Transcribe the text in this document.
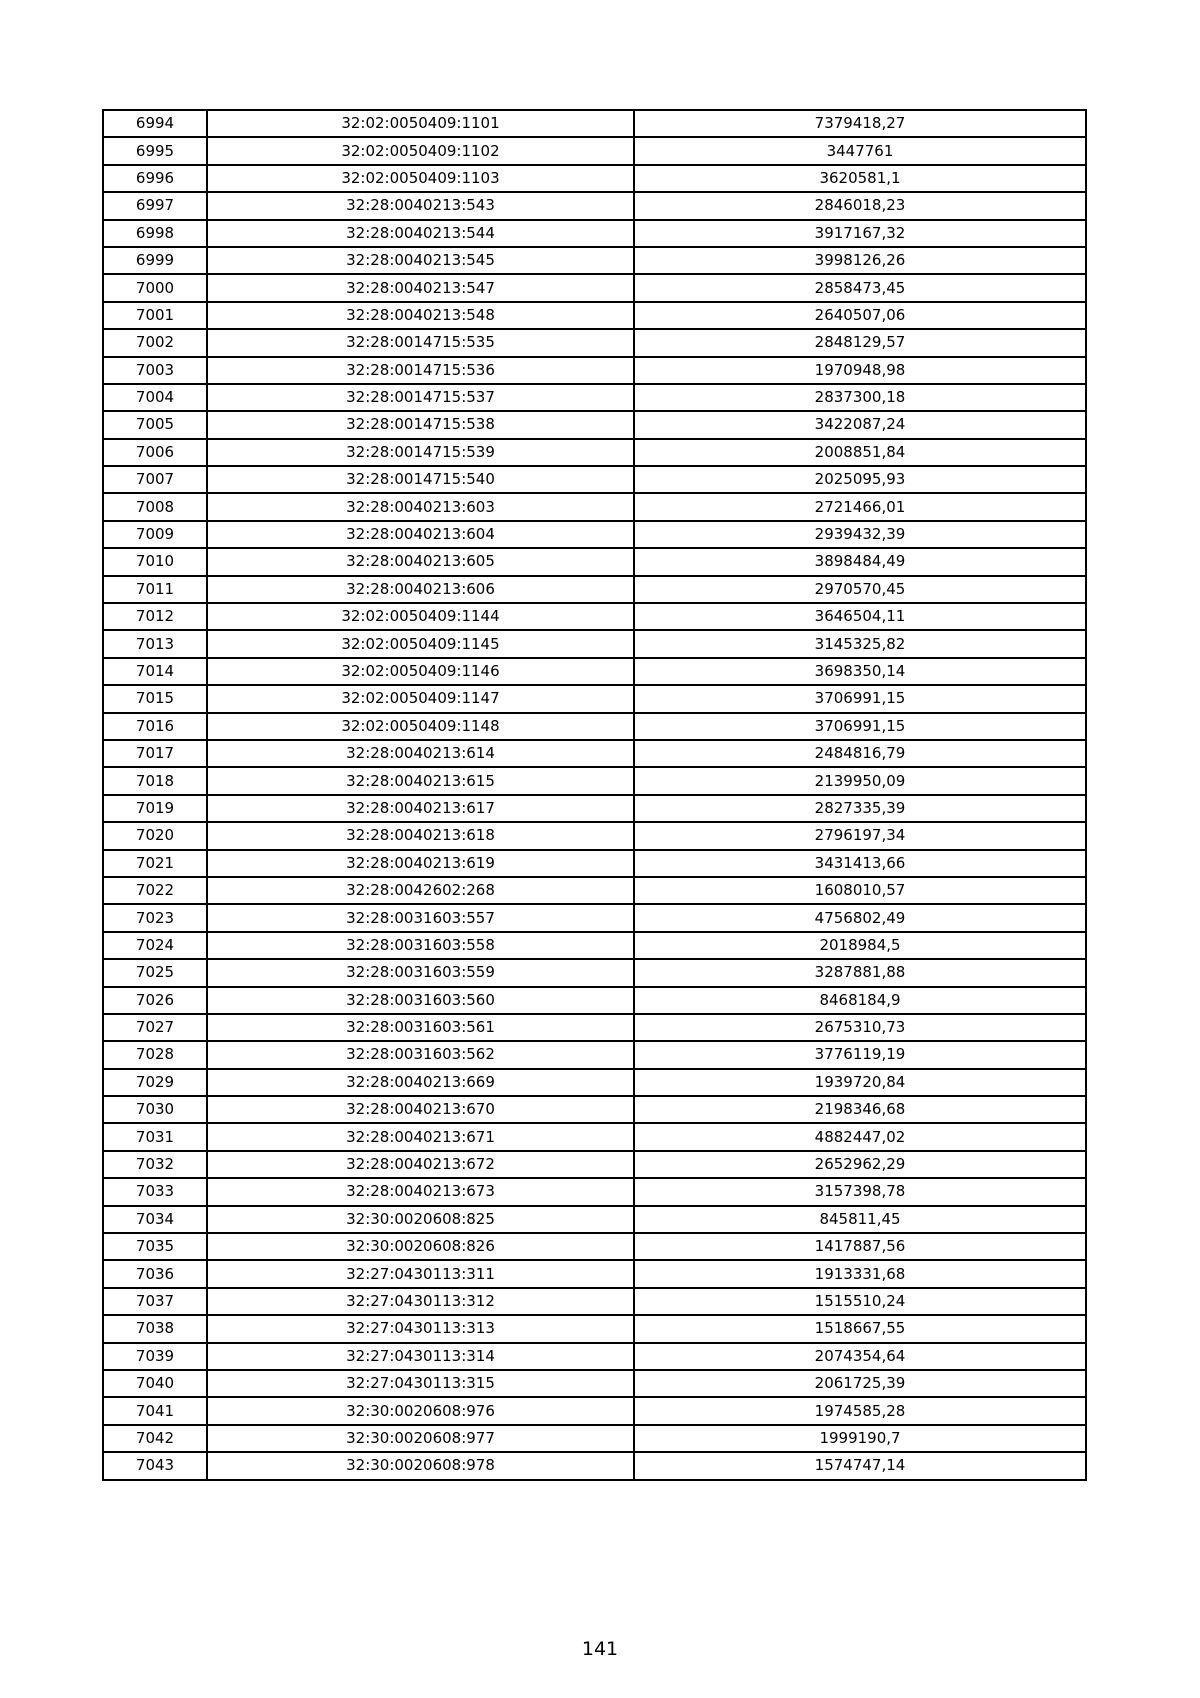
6994	32:02:0050409:1101	7379418,27
6995	32:02:0050409:1102	3447761
6996	32:02:0050409:1103	3620581,1
6997	32:28:0040213:543	2846018,23
6998	32:28:0040213:544	3917167,32
6999	32:28:0040213:545	3998126,26
7000	32:28:0040213:547	2858473,45
7001	32:28:0040213:548	2640507,06
7002	32:28:0014715:535	2848129,57
7003	32:28:0014715:536	1970948,98
7004	32:28:0014715:537	2837300,18
7005	32:28:0014715:538	3422087,24
7006	32:28:0014715:539	2008851,84
7007	32:28:0014715:540	2025095,93
7008	32:28:0040213:603	2721466,01
7009	32:28:0040213:604	2939432,39
7010	32:28:0040213:605	3898484,49
7011	32:28:0040213:606	2970570,45
7012	32:02:0050409:1144	3646504,11
7013	32:02:0050409:1145	3145325,82
7014	32:02:0050409:1146	3698350,14
7015	32:02:0050409:1147	3706991,15
7016	32:02:0050409:1148	3706991,15
7017	32:28:0040213:614	2484816,79
7018	32:28:0040213:615	2139950,09
7019	32:28:0040213:617	2827335,39
7020	32:28:0040213:618	2796197,34
7021	32:28:0040213:619	3431413,66
7022	32:28:0042602:268	1608010,57
7023	32:28:0031603:557	4756802,49
7024	32:28:0031603:558	2018984,5
7025	32:28:0031603:559	3287881,88
7026	32:28:0031603:560	8468184,9
7027	32:28:0031603:561	2675310,73
7028	32:28:0031603:562	3776119,19
7029	32:28:0040213:669	1939720,84
7030	32:28:0040213:670	2198346,68
7031	32:28:0040213:671	4882447,02
7032	32:28:0040213:672	2652962,29
7033	32:28:0040213:673	3157398,78
7034	32:30:0020608:825	845811,45
7035	32:30:0020608:826	1417887,56
7036	32:27:0430113:311	1913331,68
7037	32:27:0430113:312	1515510,24
7038	32:27:0430113:313	1518667,55
7039	32:27:0430113:314	2074354,64
7040	32:27:0430113:315	2061725,39
7041	32:30:0020608:976	1974585,28
7042	32:30:0020608:977	1999190,7
7043	32:30:0020608:978	1574747,14
141
